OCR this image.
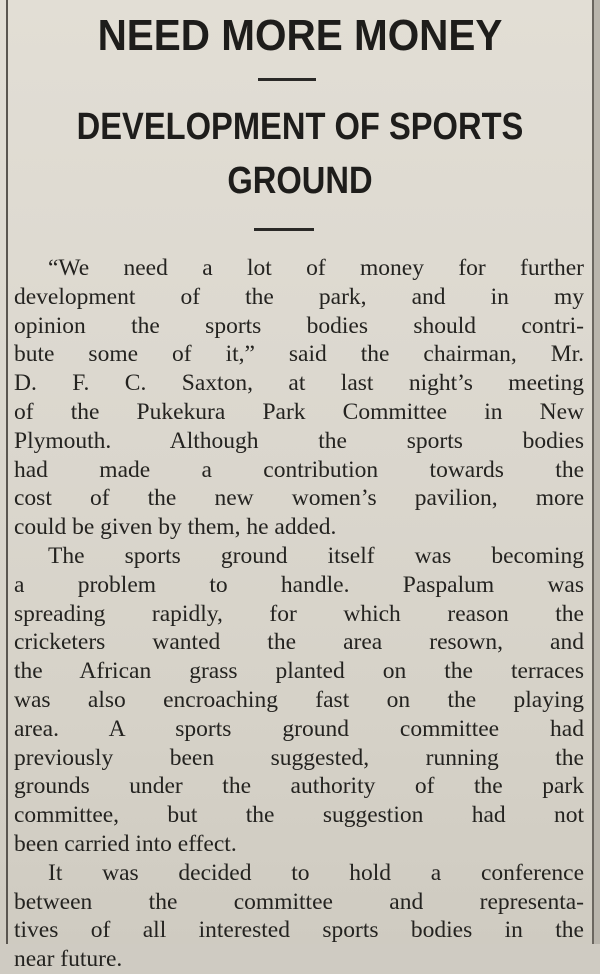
NEED MORE MONEY
DEVELOPMENT OF SPORTS
GROUND
“We need a lot of money for further
development of the park, and in my
opinion the sports bodies should contri-
bute some of it,” said the chairman, Mr.
D. F. C. Saxton, at last night’s meeting
of the Pukekura Park Committee in New
Plymouth. Although the sports bodies
had made a contribution towards the
cost of the new women’s pavilion, more
could be given by them, he added.
The sports ground itself was becoming
a problem to handle. Paspalum was
spreading rapidly, for which reason the
cricketers wanted the area resown, and
the African grass planted on the terraces
was also encroaching fast on the playing
area. A sports ground committee had
previously been suggested, running the
grounds under the authority of the park
committee, but the suggestion had not
been carried into effect.
It was decided to hold a conference
between the committee and representa-
tives of all interested sports bodies in the
near future.
